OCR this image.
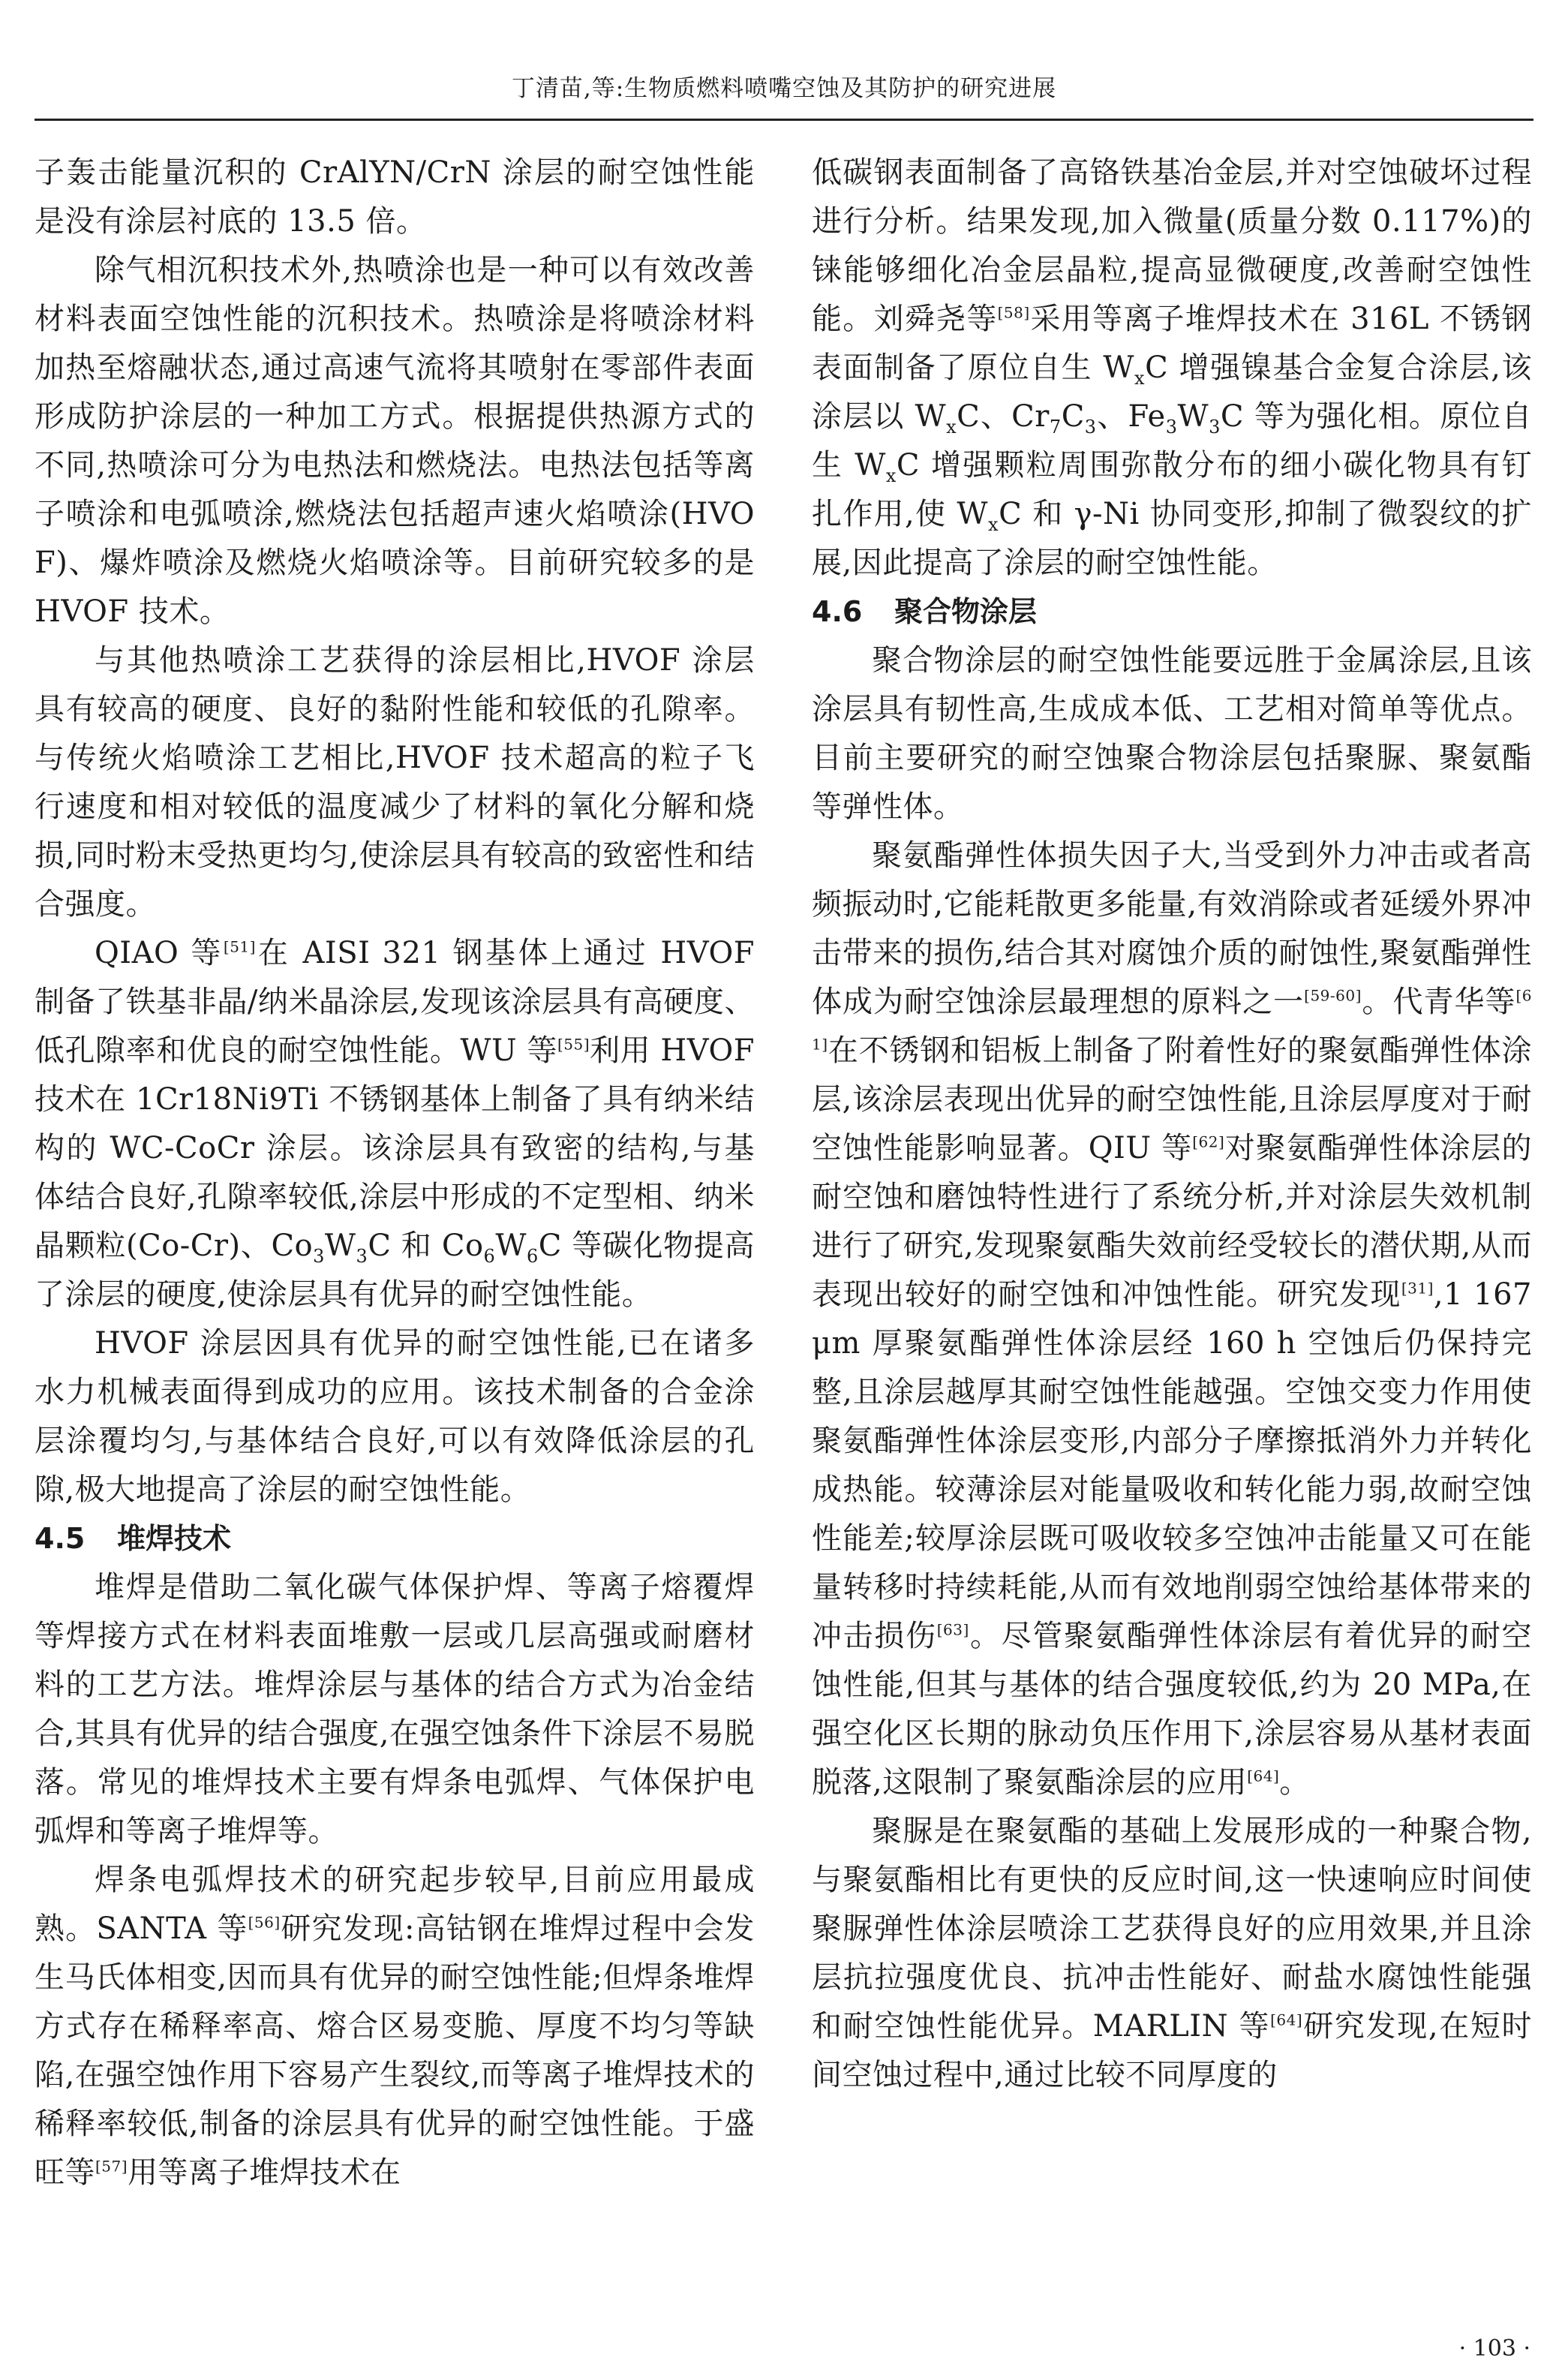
丁清苗,等:生物质燃料喷嘴空蚀及其防护的研究进展

子轰击能量沉积的 CrAlYN/CrN 涂层的耐空蚀性能是没有涂层衬底的 13.5 倍。

除气相沉积技术外,热喷涂也是一种可以有效改善材料表面空蚀性能的沉积技术。热喷涂是将喷涂材料加热至熔融状态,通过高速气流将其喷射在零部件表面形成防护涂层的一种加工方式。根据提供热源方式的不同,热喷涂可分为电热法和燃烧法。电热法包括等离子喷涂和电弧喷涂,燃烧法包括超声速火焰喷涂(HVOF)、爆炸喷涂及燃烧火焰喷涂等。目前研究较多的是 HVOF 技术。

与其他热喷涂工艺获得的涂层相比,HVOF 涂层具有较高的硬度、良好的黏附性能和较低的孔隙率。与传统火焰喷涂工艺相比,HVOF 技术超高的粒子飞行速度和相对较低的温度减少了材料的氧化分解和烧损,同时粉末受热更均匀,使涂层具有较高的致密性和结合强度。

QIAO 等[51]在 AISI 321 钢基体上通过 HVOF 制备了铁基非晶/纳米晶涂层,发现该涂层具有高硬度、低孔隙率和优良的耐空蚀性能。WU 等[55]利用 HVOF 技术在 1Cr18Ni9Ti 不锈钢基体上制备了具有纳米结构的 WC-CoCr 涂层。该涂层具有致密的结构,与基体结合良好,孔隙率较低,涂层中形成的不定型相、纳米晶颗粒(Co-Cr)、$Co_3W_3C$ 和 $Co_6W_6C$ 等碳化物提高了涂层的硬度,使涂层具有优异的耐空蚀性能。

HVOF 涂层因具有优异的耐空蚀性能,已在诸多水力机械表面得到成功的应用。该技术制备的合金涂层涂覆均匀,与基体结合良好,可以有效降低涂层的孔隙,极大地提高了涂层的耐空蚀性能。

4.5 堆焊技术

堆焊是借助二氧化碳气体保护焊、等离子熔覆焊等焊接方式在材料表面堆敷一层或几层高强或耐磨材料的工艺方法。堆焊涂层与基体的结合方式为冶金结合,其具有优异的结合强度,在强空蚀条件下涂层不易脱落。常见的堆焊技术主要有焊条电弧焊、气体保护电弧焊和等离子堆焊等。

焊条电弧焊技术的研究起步较早,目前应用最成熟。SANTA 等[56]研究发现:高钴钢在堆焊过程中会发生马氏体相变,因而具有优异的耐空蚀性能;但焊条堆焊方式存在稀释率高、熔合区易变脆、厚度不均匀等缺陷,在强空蚀作用下容易产生裂纹,而等离子堆焊技术的稀释率较低,制备的涂层具有优异的耐空蚀性能。于盛旺等[57]用等离子堆焊技术在

低碳钢表面制备了高铬铁基冶金层,并对空蚀破坏过程进行分析。结果发现,加入微量(质量分数 0.117%)的铼能够细化冶金层晶粒,提高显微硬度,改善耐空蚀性能。刘舜尧等[58]采用等离子堆焊技术在 316L 不锈钢表面制备了原位自生 $W_xC$ 增强镍基合金复合涂层,该涂层以 $W_xC$、$Cr_7C_3$、$Fe_3W_3C$ 等为强化相。原位自生 $W_xC$ 增强颗粒周围弥散分布的细小碳化物具有钉扎作用,使 $W_xC$ 和 γ-Ni 协同变形,抑制了微裂纹的扩展,因此提高了涂层的耐空蚀性能。

4.6 聚合物涂层

聚合物涂层的耐空蚀性能要远胜于金属涂层,且该涂层具有韧性高,生成成本低、工艺相对简单等优点。目前主要研究的耐空蚀聚合物涂层包括聚脲、聚氨酯等弹性体。

聚氨酯弹性体损失因子大,当受到外力冲击或者高频振动时,它能耗散更多能量,有效消除或者延缓外界冲击带来的损伤,结合其对腐蚀介质的耐蚀性,聚氨酯弹性体成为耐空蚀涂层最理想的原料之一[59-60]。代青华等[61]在不锈钢和铝板上制备了附着性好的聚氨酯弹性体涂层,该涂层表现出优异的耐空蚀性能,且涂层厚度对于耐空蚀性能影响显著。QIU 等[62]对聚氨酯弹性体涂层的耐空蚀和磨蚀特性进行了系统分析,并对涂层失效机制进行了研究,发现聚氨酯失效前经受较长的潜伏期,从而表现出较好的耐空蚀和冲蚀性能。研究发现[31],1 167 μm 厚聚氨酯弹性体涂层经 160 h 空蚀后仍保持完整,且涂层越厚其耐空蚀性能越强。空蚀交变力作用使聚氨酯弹性体涂层变形,内部分子摩擦抵消外力并转化成热能。较薄涂层对能量吸收和转化能力弱,故耐空蚀性能差;较厚涂层既可吸收较多空蚀冲击能量又可在能量转移时持续耗能,从而有效地削弱空蚀给基体带来的冲击损伤[63]。尽管聚氨酯弹性体涂层有着优异的耐空蚀性能,但其与基体的结合强度较低,约为 20 MPa,在强空化区长期的脉动负压作用下,涂层容易从基材表面脱落,这限制了聚氨酯涂层的应用[64]。

聚脲是在聚氨酯的基础上发展形成的一种聚合物,与聚氨酯相比有更快的反应时间,这一快速响应时间使聚脲弹性体涂层喷涂工艺获得良好的应用效果,并且涂层抗拉强度优良、抗冲击性能好、耐盐水腐蚀性能强和耐空蚀性能优异。MARLIN 等[64]研究发现,在短时间空蚀过程中,通过比较不同厚度的

· 103 ·
